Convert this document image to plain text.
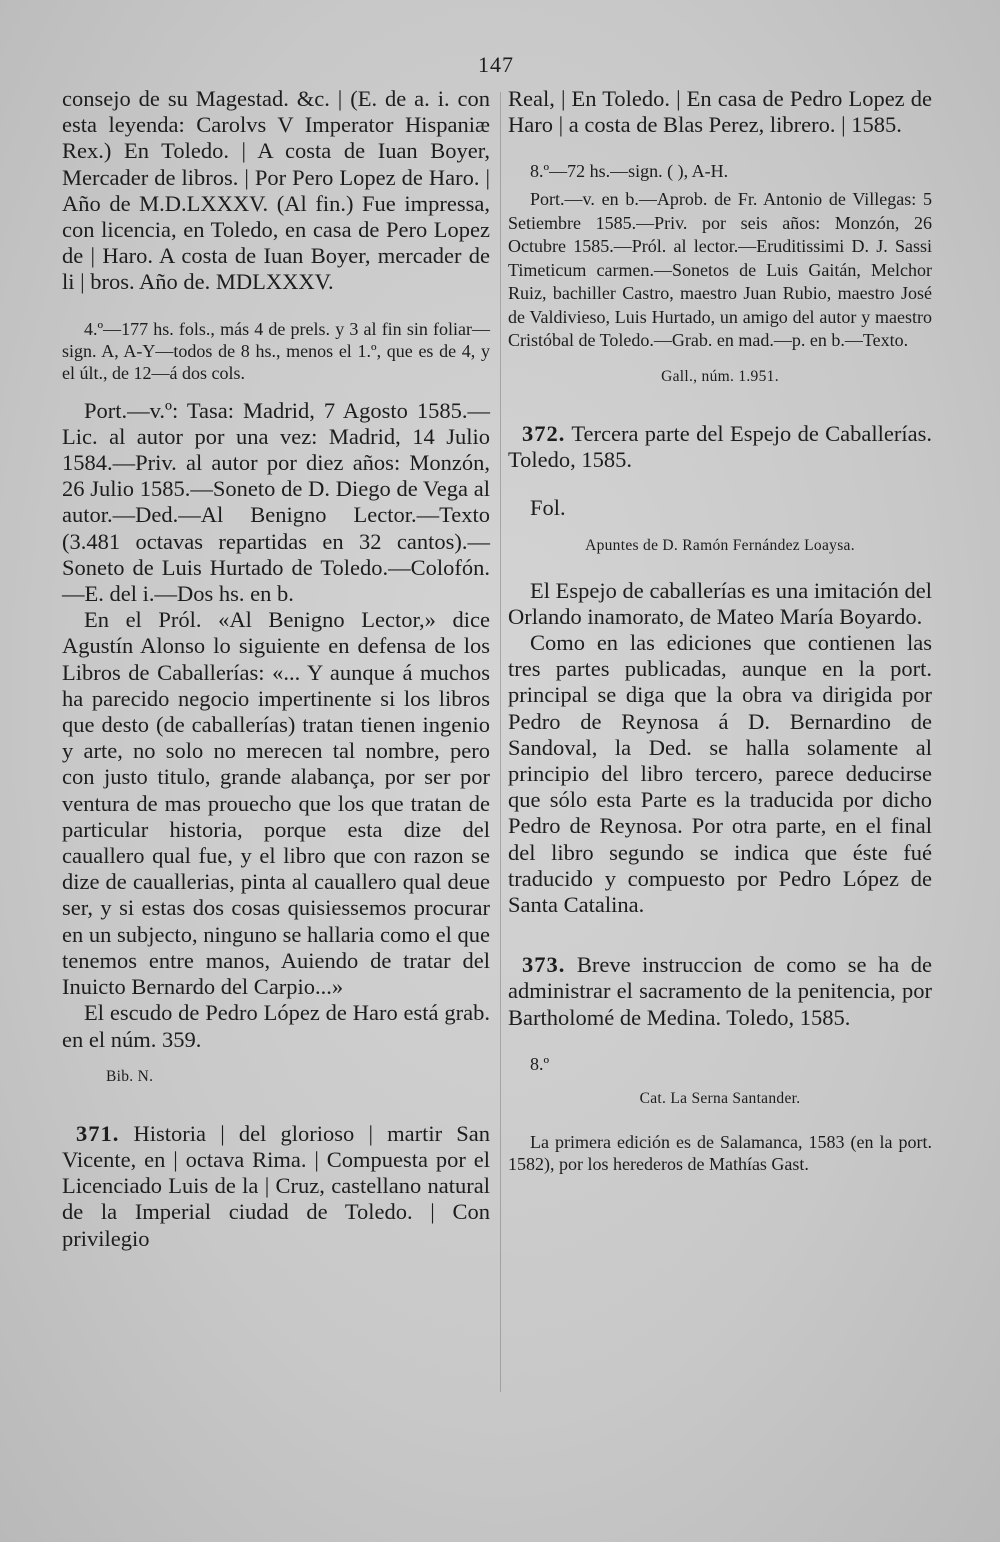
147

consejo de su Magestad. &c. | (E. de a. i. con esta leyenda: Carolvs V Imperator Hispaniæ Rex.) En Toledo. | A costa de Iuan Boyer, Mercader de libros. | Por Pero Lopez de Haro. | Año de M.D.LXXXV. (Al fin.) Fue impressa, con licencia, en Toledo, en casa de Pero Lopez de | Haro. A costa de Iuan Boyer, mercader de li | bros. Año de. MDLXXXV.

4.º—177 hs. fols., más 4 de prels. y 3 al fin sin foliar—sign. A, A-Y—todos de 8 hs., menos el 1.º, que es de 4, y el últ., de 12—á dos cols.

Port.—v.º: Tasa: Madrid, 7 Agosto 1585.—Lic. al autor por una vez: Madrid, 14 Julio 1584.—Priv. al autor por diez años: Monzón, 26 Julio 1585.—Soneto de D. Diego de Vega al autor.—Ded.—Al Benigno Lector.—Texto (3.481 octavas repartidas en 32 cantos).—Soneto de Luis Hurtado de Toledo.—Colofón.—E. del i.—Dos hs. en b.

En el Pról. «Al Benigno Lector,» dice Agustín Alonso lo siguiente en defensa de los Libros de Caballerías: «... Y aunque á muchos ha parecido negocio impertinente si los libros que desto (de caballerías) tratan tienen ingenio y arte, no solo no merecen tal nombre, pero con justo titulo, grande alabança, por ser por ventura de mas prouecho que los que tratan de particular historia, porque esta dize del cauallero qual fue, y el libro que con razon se dize de cauallerias, pinta al cauallero qual deue ser, y si estas dos cosas quisiessemos procurar en un subjecto, ninguno se hallaria como el que tenemos entre manos, Auiendo de tratar del Inuicto Bernardo del Carpio...»

El escudo de Pedro López de Haro está grab. en el núm. 359.

Bib. N.

371. Historia | del glorioso | martir San Vicente, en | octava Rima. | Compuesta por el Licenciado Luis de la | Cruz, castellano natural de la Imperial ciudad de Toledo. | Con privilegio

Real, | En Toledo. | En casa de Pedro Lopez de Haro | a costa de Blas Perez, librero. | 1585.

8.º—72 hs.—sign. ( ), A-H.

Port.—v. en b.—Aprob. de Fr. Antonio de Villegas: 5 Setiembre 1585.—Priv. por seis años: Monzón, 26 Octubre 1585.—Pról. al lector.—Eruditissimi D. J. Sassi Timeticum carmen.—Sonetos de Luis Gaitán, Melchor Ruiz, bachiller Castro, maestro Juan Rubio, maestro José de Valdivieso, Luis Hurtado, un amigo del autor y maestro Cristóbal de Toledo.—Grab. en mad.—p. en b.—Texto.

Gall., núm. 1.951.

372. Tercera parte del Espejo de Caballerías. Toledo, 1585.

Fol.

Apuntes de D. Ramón Fernández Loaysa.

El Espejo de caballerías es una imitación del Orlando inamorato, de Mateo María Boyardo.

Como en las ediciones que contienen las tres partes publicadas, aunque en la port. principal se diga que la obra va dirigida por Pedro de Reynosa á D. Bernardino de Sandoval, la Ded. se halla solamente al principio del libro tercero, parece deducirse que sólo esta Parte es la traducida por dicho Pedro de Reynosa. Por otra parte, en el final del libro segundo se indica que éste fué traducido y compuesto por Pedro López de Santa Catalina.

373. Breve instruccion de como se ha de administrar el sacramento de la penitencia, por Bartholomé de Medina. Toledo, 1585.

8.º

Cat. La Serna Santander.

La primera edición es de Salamanca, 1583 (en la port. 1582), por los herederos de Mathías Gast.
